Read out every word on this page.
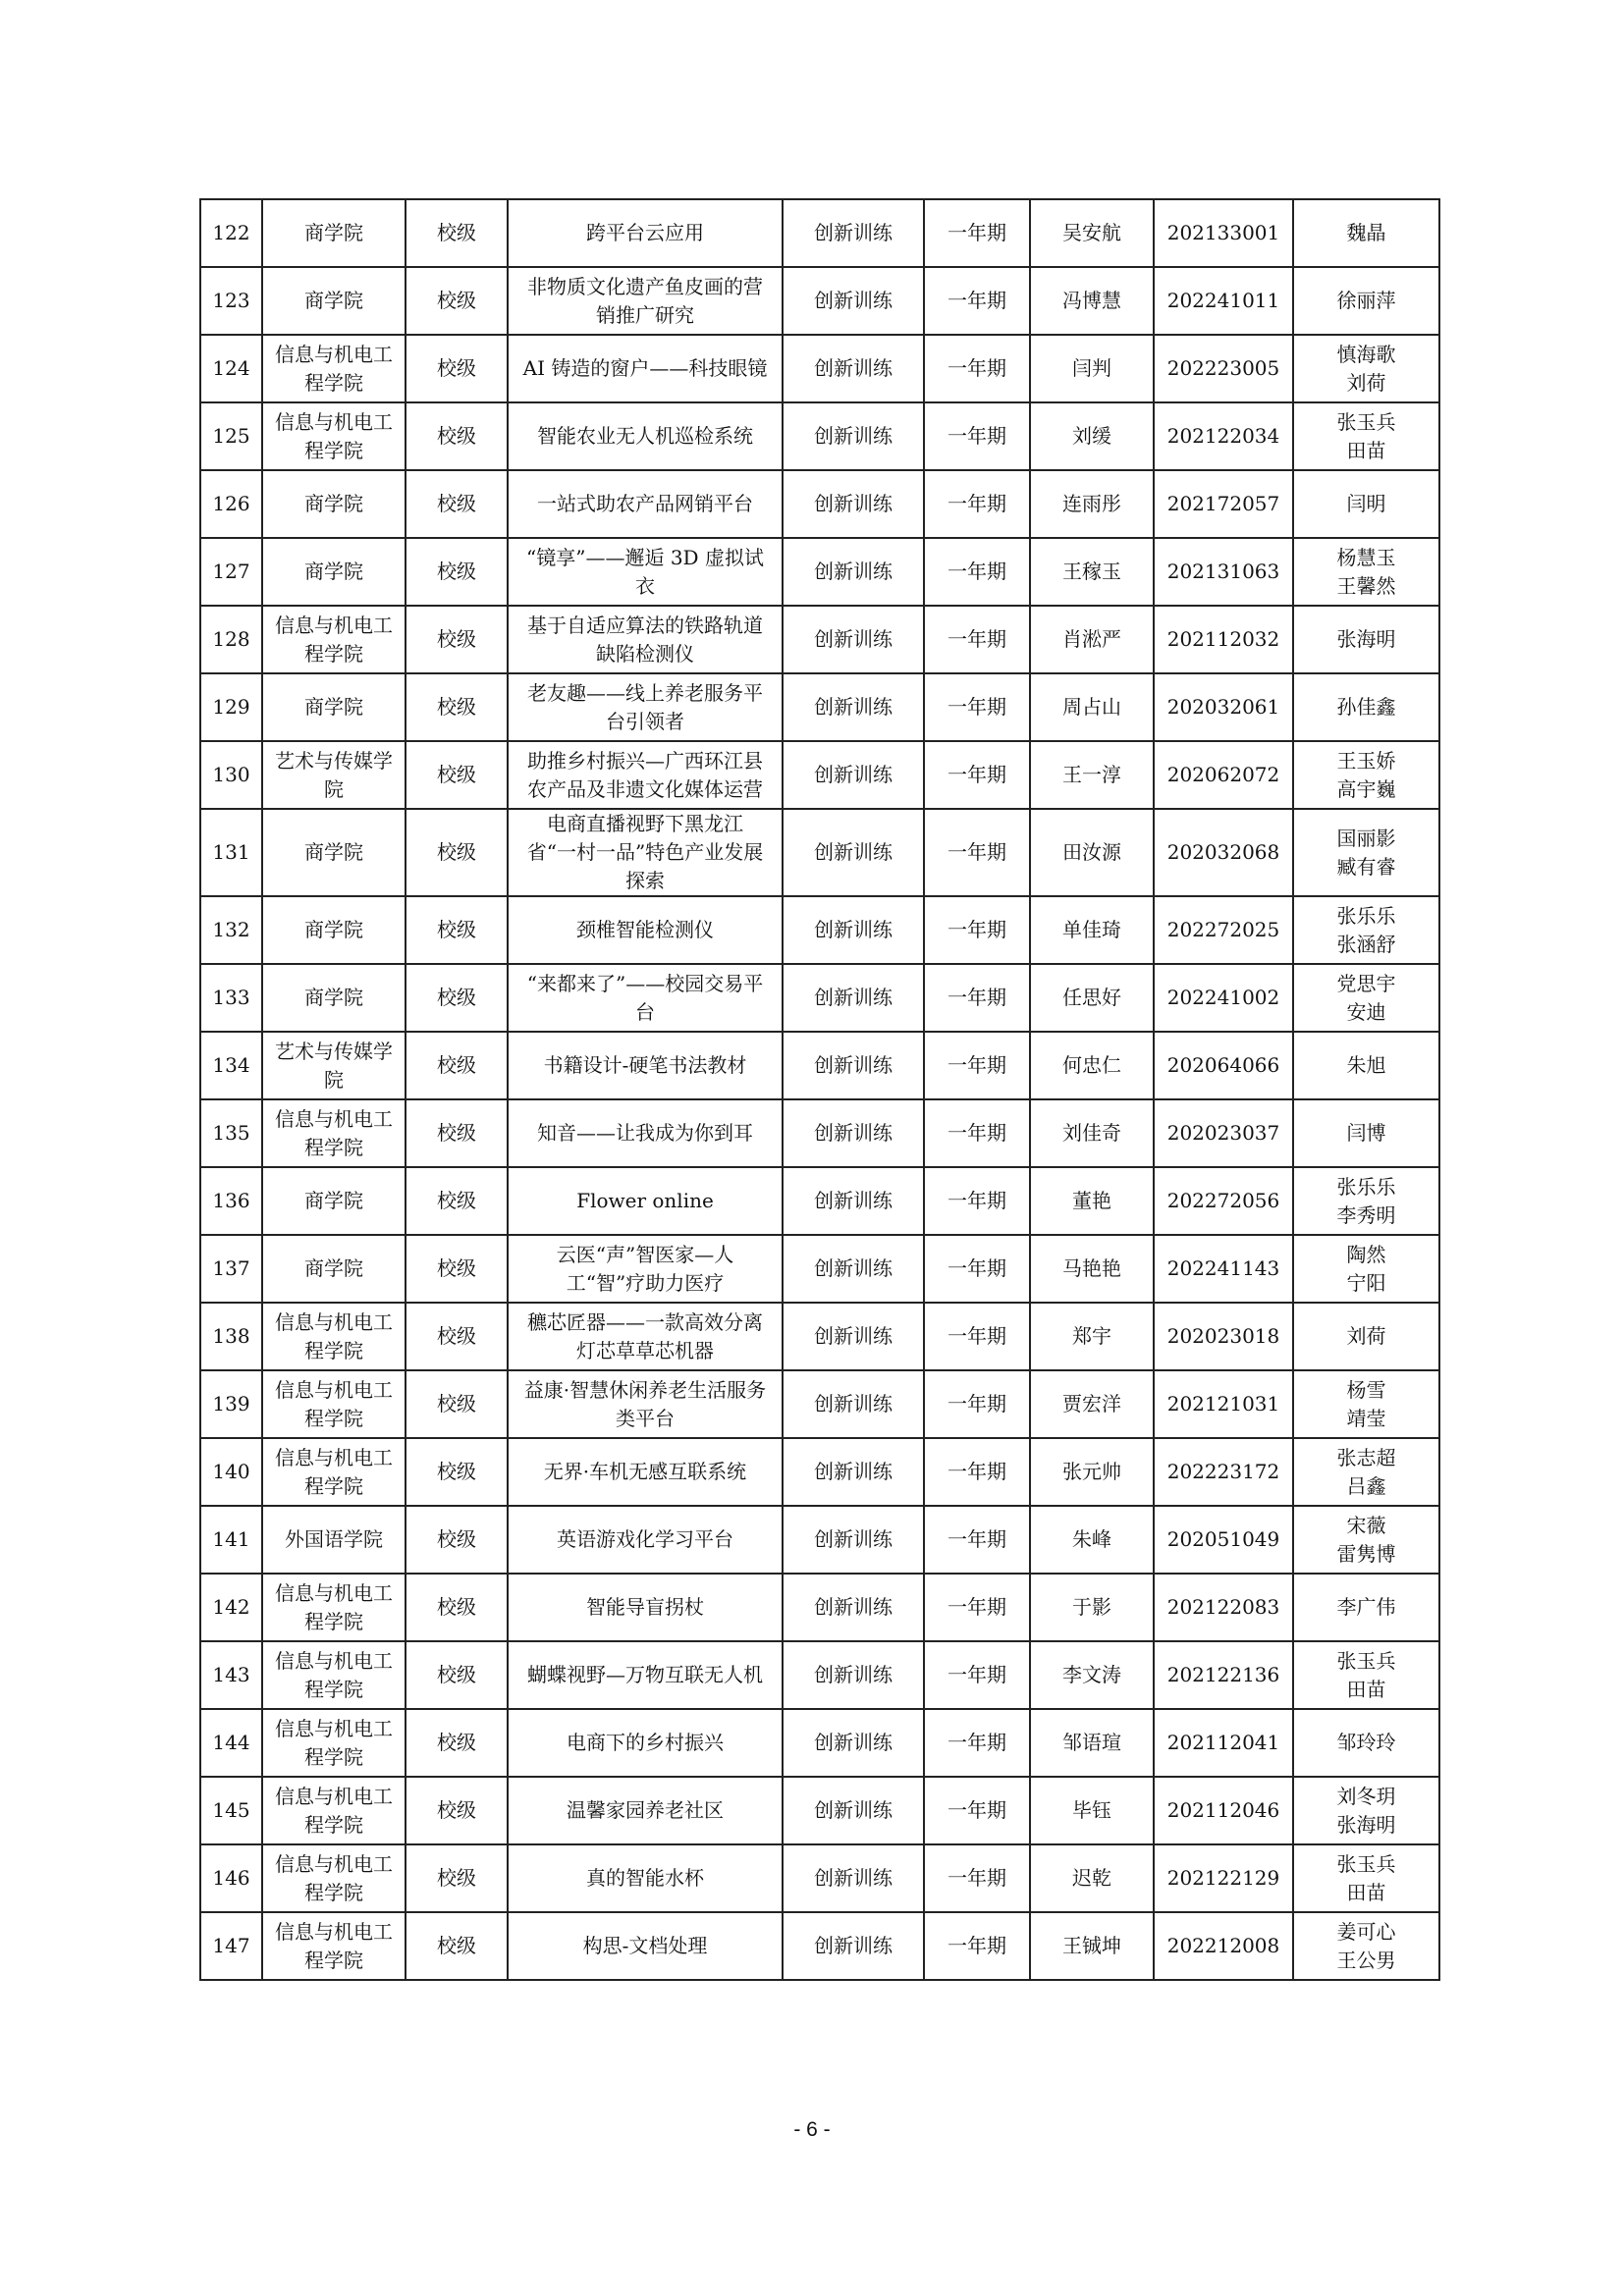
122	商学院	校级	跨平台云应用	创新训练	一年期	吴安航	202133001	魏晶
123	商学院	校级	非物质文化遗产鱼皮画的营销推广研究	创新训练	一年期	冯博慧	202241011	徐丽萍
124	信息与机电工程学院	校级	AI 铸造的窗户——科技眼镜	创新训练	一年期	闫判	202223005	慎海歌
刘荷
125	信息与机电工程学院	校级	智能农业无人机巡检系统	创新训练	一年期	刘缓	202122034	张玉兵
田苗
126	商学院	校级	一站式助农产品网销平台	创新训练	一年期	连雨彤	202172057	闫明
127	商学院	校级	“镜享”——邂逅 3D 虚拟试衣	创新训练	一年期	王稼玉	202131063	杨慧玉
王馨然
128	信息与机电工程学院	校级	基于自适应算法的铁路轨道缺陷检测仪	创新训练	一年期	肖淞严	202112032	张海明
129	商学院	校级	老友趣——线上养老服务平台引领者	创新训练	一年期	周占山	202032061	孙佳鑫
130	艺术与传媒学院	校级	助推乡村振兴—广西环江县农产品及非遗文化媒体运营	创新训练	一年期	王一淳	202062072	王玉娇
高宇巍
131	商学院	校级	电商直播视野下黑龙江省“一村一品”特色产业发展探索	创新训练	一年期	田汝源	202032068	国丽影
臧有睿
132	商学院	校级	颈椎智能检测仪	创新训练	一年期	单佳琦	202272025	张乐乐
张涵舒
133	商学院	校级	“来都来了”——校园交易平台	创新训练	一年期	任思好	202241002	党思宇
安迪
134	艺术与传媒学院	校级	书籍设计-硬笔书法教材	创新训练	一年期	何忠仁	202064066	朱旭
135	信息与机电工程学院	校级	知音——让我成为你到耳	创新训练	一年期	刘佳奇	202023037	闫博
136	商学院	校级	Flower online	创新训练	一年期	董艳	202272056	张乐乐
李秀明
137	商学院	校级	云医“声”智医家—人工“智”疗助力医疗	创新训练	一年期	马艳艳	202241143	陶然
宁阳
138	信息与机电工程学院	校级	穮芯匠器——一款高效分离灯芯草草芯机器	创新训练	一年期	郑宇	202023018	刘荷
139	信息与机电工程学院	校级	益康·智慧休闲养老生活服务类平台	创新训练	一年期	贾宏洋	202121031	杨雪
靖莹
140	信息与机电工程学院	校级	无界·车机无感互联系统	创新训练	一年期	张元帅	202223172	张志超
吕鑫
141	外国语学院	校级	英语游戏化学习平台	创新训练	一年期	朱峰	202051049	宋薇
雷隽博
142	信息与机电工程学院	校级	智能导盲拐杖	创新训练	一年期	于影	202122083	李广伟
143	信息与机电工程学院	校级	蝴蝶视野—万物互联无人机	创新训练	一年期	李文涛	202122136	张玉兵
田苗
144	信息与机电工程学院	校级	电商下的乡村振兴	创新训练	一年期	邹语瑄	202112041	邹玲玲
145	信息与机电工程学院	校级	温馨家园养老社区	创新训练	一年期	毕钰	202112046	刘冬玥
张海明
146	信息与机电工程学院	校级	真的智能水杯	创新训练	一年期	迟乾	202122129	张玉兵
田苗
147	信息与机电工程学院	校级	构思-文档处理	创新训练	一年期	王铖坤	202212008	姜可心
王公男
- 6 -
